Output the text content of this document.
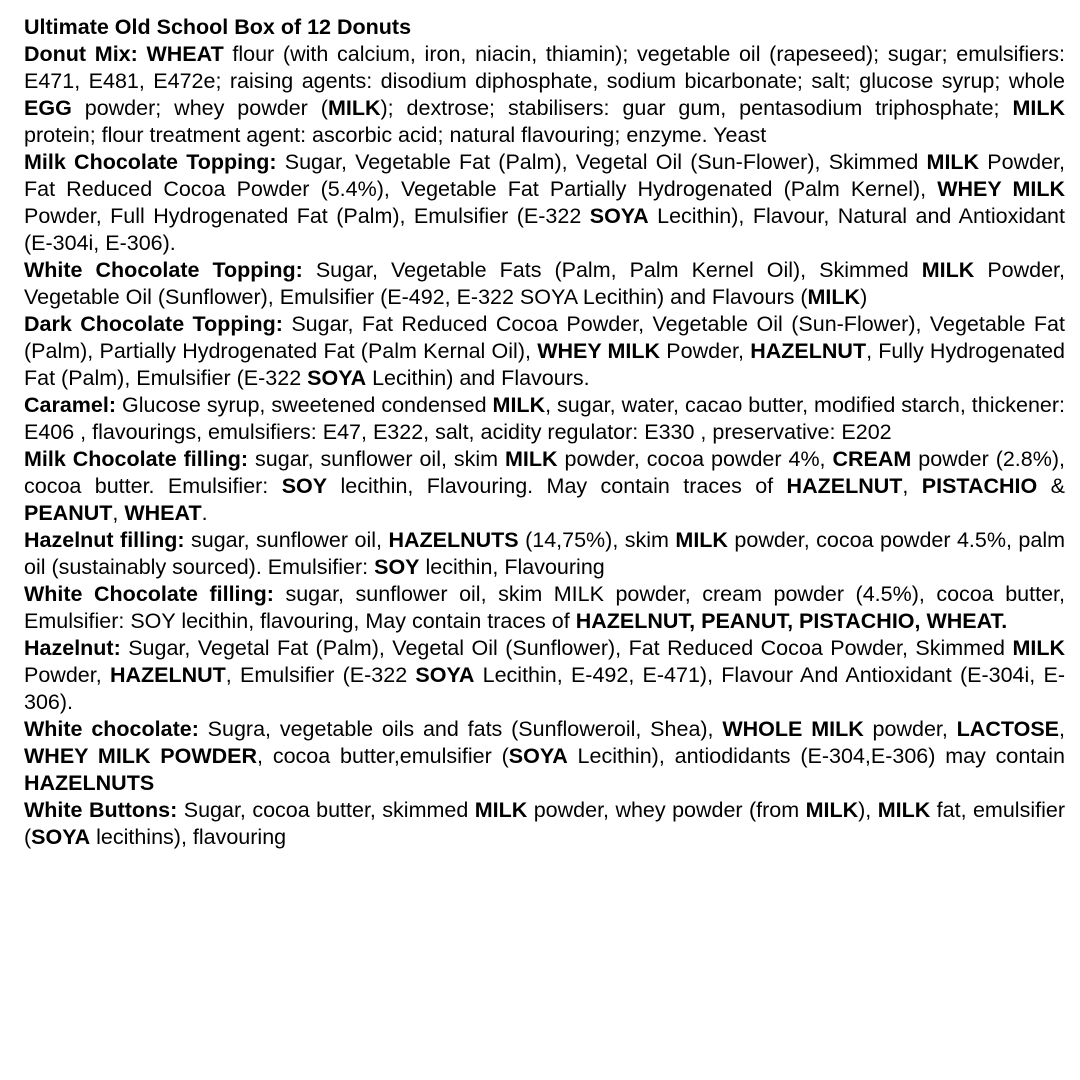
Ultimate Old School Box of 12 Donuts

Donut Mix: WHEAT flour (with calcium, iron, niacin, thiamin); vegetable oil (rapeseed); sugar; emulsifiers: E471, E481, E472e; raising agents: disodium diphosphate, sodium bicarbonate; salt; glucose syrup; whole EGG powder; whey powder (MILK); dextrose; stabilisers: guar gum, pentasodium triphosphate; MILK protein; flour treatment agent: ascorbic acid; natural flavouring; enzyme. Yeast

Milk Chocolate Topping: Sugar, Vegetable Fat (Palm), Vegetal Oil (Sun-Flower), Skimmed MILK Powder, Fat Reduced Cocoa Powder (5.4%), Vegetable Fat Partially Hydrogenated (Palm Kernel), WHEY MILK Powder, Full Hydrogenated Fat (Palm), Emulsifier (E-322 SOYA Lecithin), Flavour, Natural and Antioxidant (E-304i, E-306).

White Chocolate Topping: Sugar, Vegetable Fats (Palm, Palm Kernel Oil), Skimmed MILK Powder, Vegetable Oil (Sunflower), Emulsifier (E-492, E-322 SOYA Lecithin) and Flavours (MILK)

Dark Chocolate Topping: Sugar, Fat Reduced Cocoa Powder, Vegetable Oil (Sun-Flower), Vegetable Fat (Palm), Partially Hydrogenated Fat (Palm Kernal Oil), WHEY MILK Powder, HAZELNUT, Fully Hydrogenated Fat (Palm), Emulsifier (E-322 SOYA Lecithin) and Flavours.

Caramel: Glucose syrup, sweetened condensed MILK, sugar, water, cacao butter, modified starch, thickener: E406 , flavourings, emulsifiers: E47, E322, salt, acidity regulator: E330 , preservative: E202

Milk Chocolate filling: sugar, sunflower oil, skim MILK powder, cocoa powder 4%, CREAM powder (2.8%), cocoa butter. Emulsifier: SOY lecithin, Flavouring. May contain traces of HAZELNUT, PISTACHIO & PEANUT, WHEAT.

Hazelnut filling: sugar, sunflower oil, HAZELNUTS (14,75%), skim MILK powder, cocoa powder 4.5%, palm oil (sustainably sourced). Emulsifier: SOY lecithin, Flavouring

White Chocolate filling: sugar, sunflower oil, skim MILK powder, cream powder (4.5%), cocoa butter, Emulsifier: SOY lecithin, flavouring, May contain traces of HAZELNUT, PEANUT, PISTACHIO, WHEAT.

Hazelnut: Sugar, Vegetal Fat (Palm), Vegetal Oil (Sunflower), Fat Reduced Cocoa Powder, Skimmed MILK Powder, HAZELNUT, Emulsifier (E-322 SOYA Lecithin, E-492, E-471), Flavour And Antioxidant (E-304i, E-306).

White chocolate: Sugra, vegetable oils and fats (Sunfloweroil, Shea), WHOLE MILK powder, LACTOSE, WHEY MILK POWDER, cocoa butter,emulsifier (SOYA Lecithin), antiodidants (E-304,E-306) may contain HAZELNUTS

White Buttons: Sugar, cocoa butter, skimmed MILK powder, whey powder (from MILK), MILK fat, emulsifier (SOYA lecithins), flavouring
